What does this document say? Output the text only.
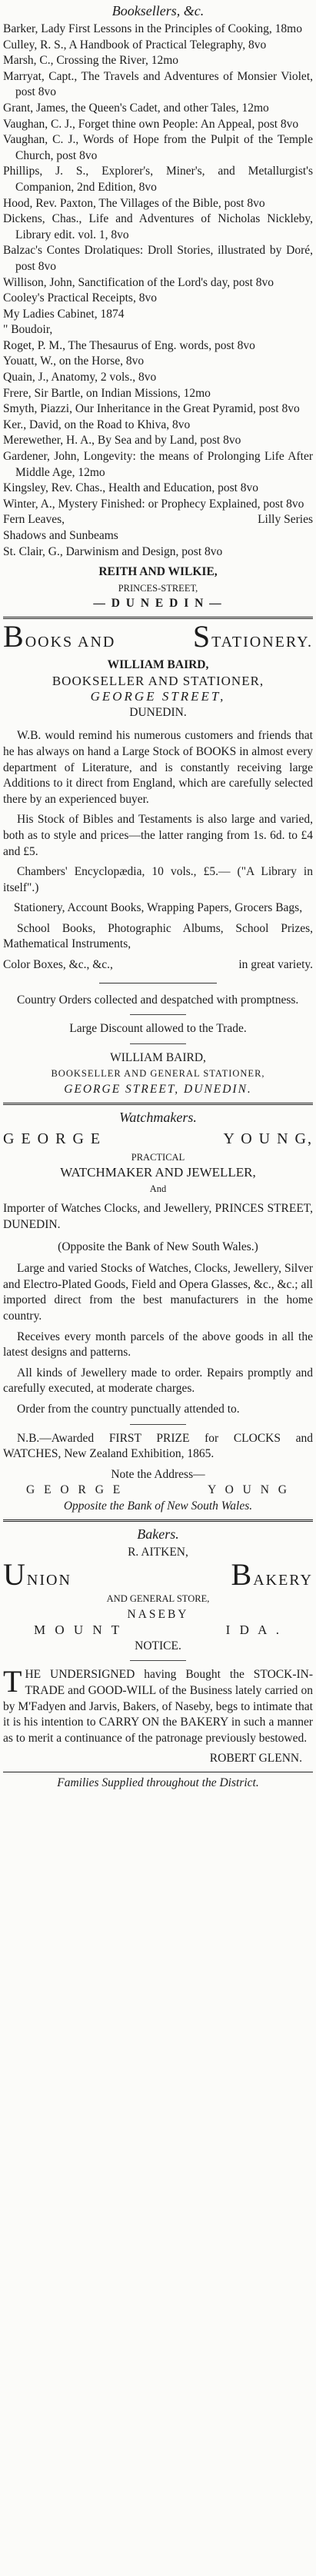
Booksellers, &c.
Barker, Lady First Lessons in the Principles of Cooking, 18mo
Culley, R. S., A Handbook of Practical Telegraphy, 8vo
Marsh, C., Crossing the River, 12mo
Marryat, Capt., The Travels and Adventures of Monsier Violet, post 8vo
Grant, James, the Queen's Cadet, and other Tales, 12mo
Vaughan, C. J., Forget thine own People: An Appeal, post 8vo
Vaughan, C. J., Words of Hope from the Pulpit of the Temple Church, post 8vo
Phillips, J. S., Explorer's, Miner's, and Metallurgist's Companion, 2nd Edition, 8vo
Hood, Rev. Paxton, The Villages of the Bible, post 8vo
Dickens, Chas., Life and Adventures of Nicholas Nickleby, Library edit. vol. 1, 8vo
Balzac's Contes Drolatiques: Droll Stories, illustrated by Doré, post 8vo
Willison, John, Sanctification of the Lord's day, post 8vo
Cooley's Practical Receipts, 8vo
My Ladies Cabinet, 1874
" Boudoir,
Roget, P. M., The Thesaurus of Eng. words, post 8vo
Youatt, W., on the Horse, 8vo
Quain, J., Anatomy, 2 vols., 8vo
Frere, Sir Bartle, on Indian Missions, 12mo
Smyth, Piazzi, Our Inheritance in the Great Pyramid, post 8vo
Ker., David, on the Road to Khiva, 8vo
Merewether, H. A., By Sea and by Land, post 8vo
Gardener, John, Longevity: the means of Prolonging Life After Middle Age, 12mo
Kingsley, Rev. Chas., Health and Education, post 8vo
Winter, A., Mystery Finished: or Prophecy Explained, post 8vo
Fern Leaves,	Lilly Series
Shadows and Sunbeams
St. Clair, G., Darwinism and Design, post 8vo
REITH AND WILKIE,
PRINCES-STREET,
— D U N E D I N —
BOOKS AND	STATIONERY.
WILLIAM BAIRD,
BOOKSELLER AND STATIONER,
GEORGE STREET,
DUNEDIN.
W.B. would remind his numerous customers and friends that he has always on hand a Large Stock of BOOKS in almost every department of Literature, and is constantly receiving large Additions to it direct from England, which are carefully selected there by an experienced buyer.
His Stock of Bibles and Testaments is also large and varied, both as to style and prices—the latter ranging from 1s. 6d. to £4 and £5.
Chambers' Encyclopædia, 10 vols., £5.— ("A Library in itself".)
Stationery, Account Books, Wrapping Papers, Grocers Bags,
School Books, Photographic Albums, School Prizes, Mathematical Instruments,
Color Boxes, &c., &c.,	in great variety.
Country Orders collected and despatched with promptness.
Large Discount allowed to the Trade.
WILLIAM BAIRD,
BOOKSELLER AND GENERAL STATIONER,
GEORGE STREET, DUNEDIN.
Watchmakers.
G E O R G E	Y O U N G,
PRACTICAL
WATCHMAKER AND JEWELLER,
And
Importer of Watches Clocks, and Jewellery, PRINCES STREET, DUNEDIN.
(Opposite the Bank of New South Wales.)
Large and varied Stocks of Watches, Clocks, Jewellery, Silver and Electro-Plated Goods, Field and Opera Glasses, &c., &c.; all imported direct from the best manufacturers in the home country.
Receives every month parcels of the above goods in all the latest designs and patterns.
All kinds of Jewellery made to order. Repairs promptly and carefully executed, at moderate charges.
Order from the country punctually attended to.
N.B.—Awarded FIRST PRIZE for CLOCKS and WATCHES, New Zealand Exhibition, 1865.
Note the Address—
G E O R G E	Y O U N G
Opposite the Bank of New South Wales.
Bakers.
R. AITKEN,
UNION	BAKERY
AND GENERAL STORE,
NASEBY
M O U N T	I D A .
NOTICE.
T HE UNDERSIGNED having Bought the STOCK-IN-TRADE and GOOD-WILL of the Business lately carried on by M'Fadyen and Jarvis, Bakers, of Naseby, begs to intimate that it is his intention to CARRY ON the BAKERY in such a manner as to merit a continuance of the patronage previously bestowed.
ROBERT GLENN.
Families Supplied throughout the District.
